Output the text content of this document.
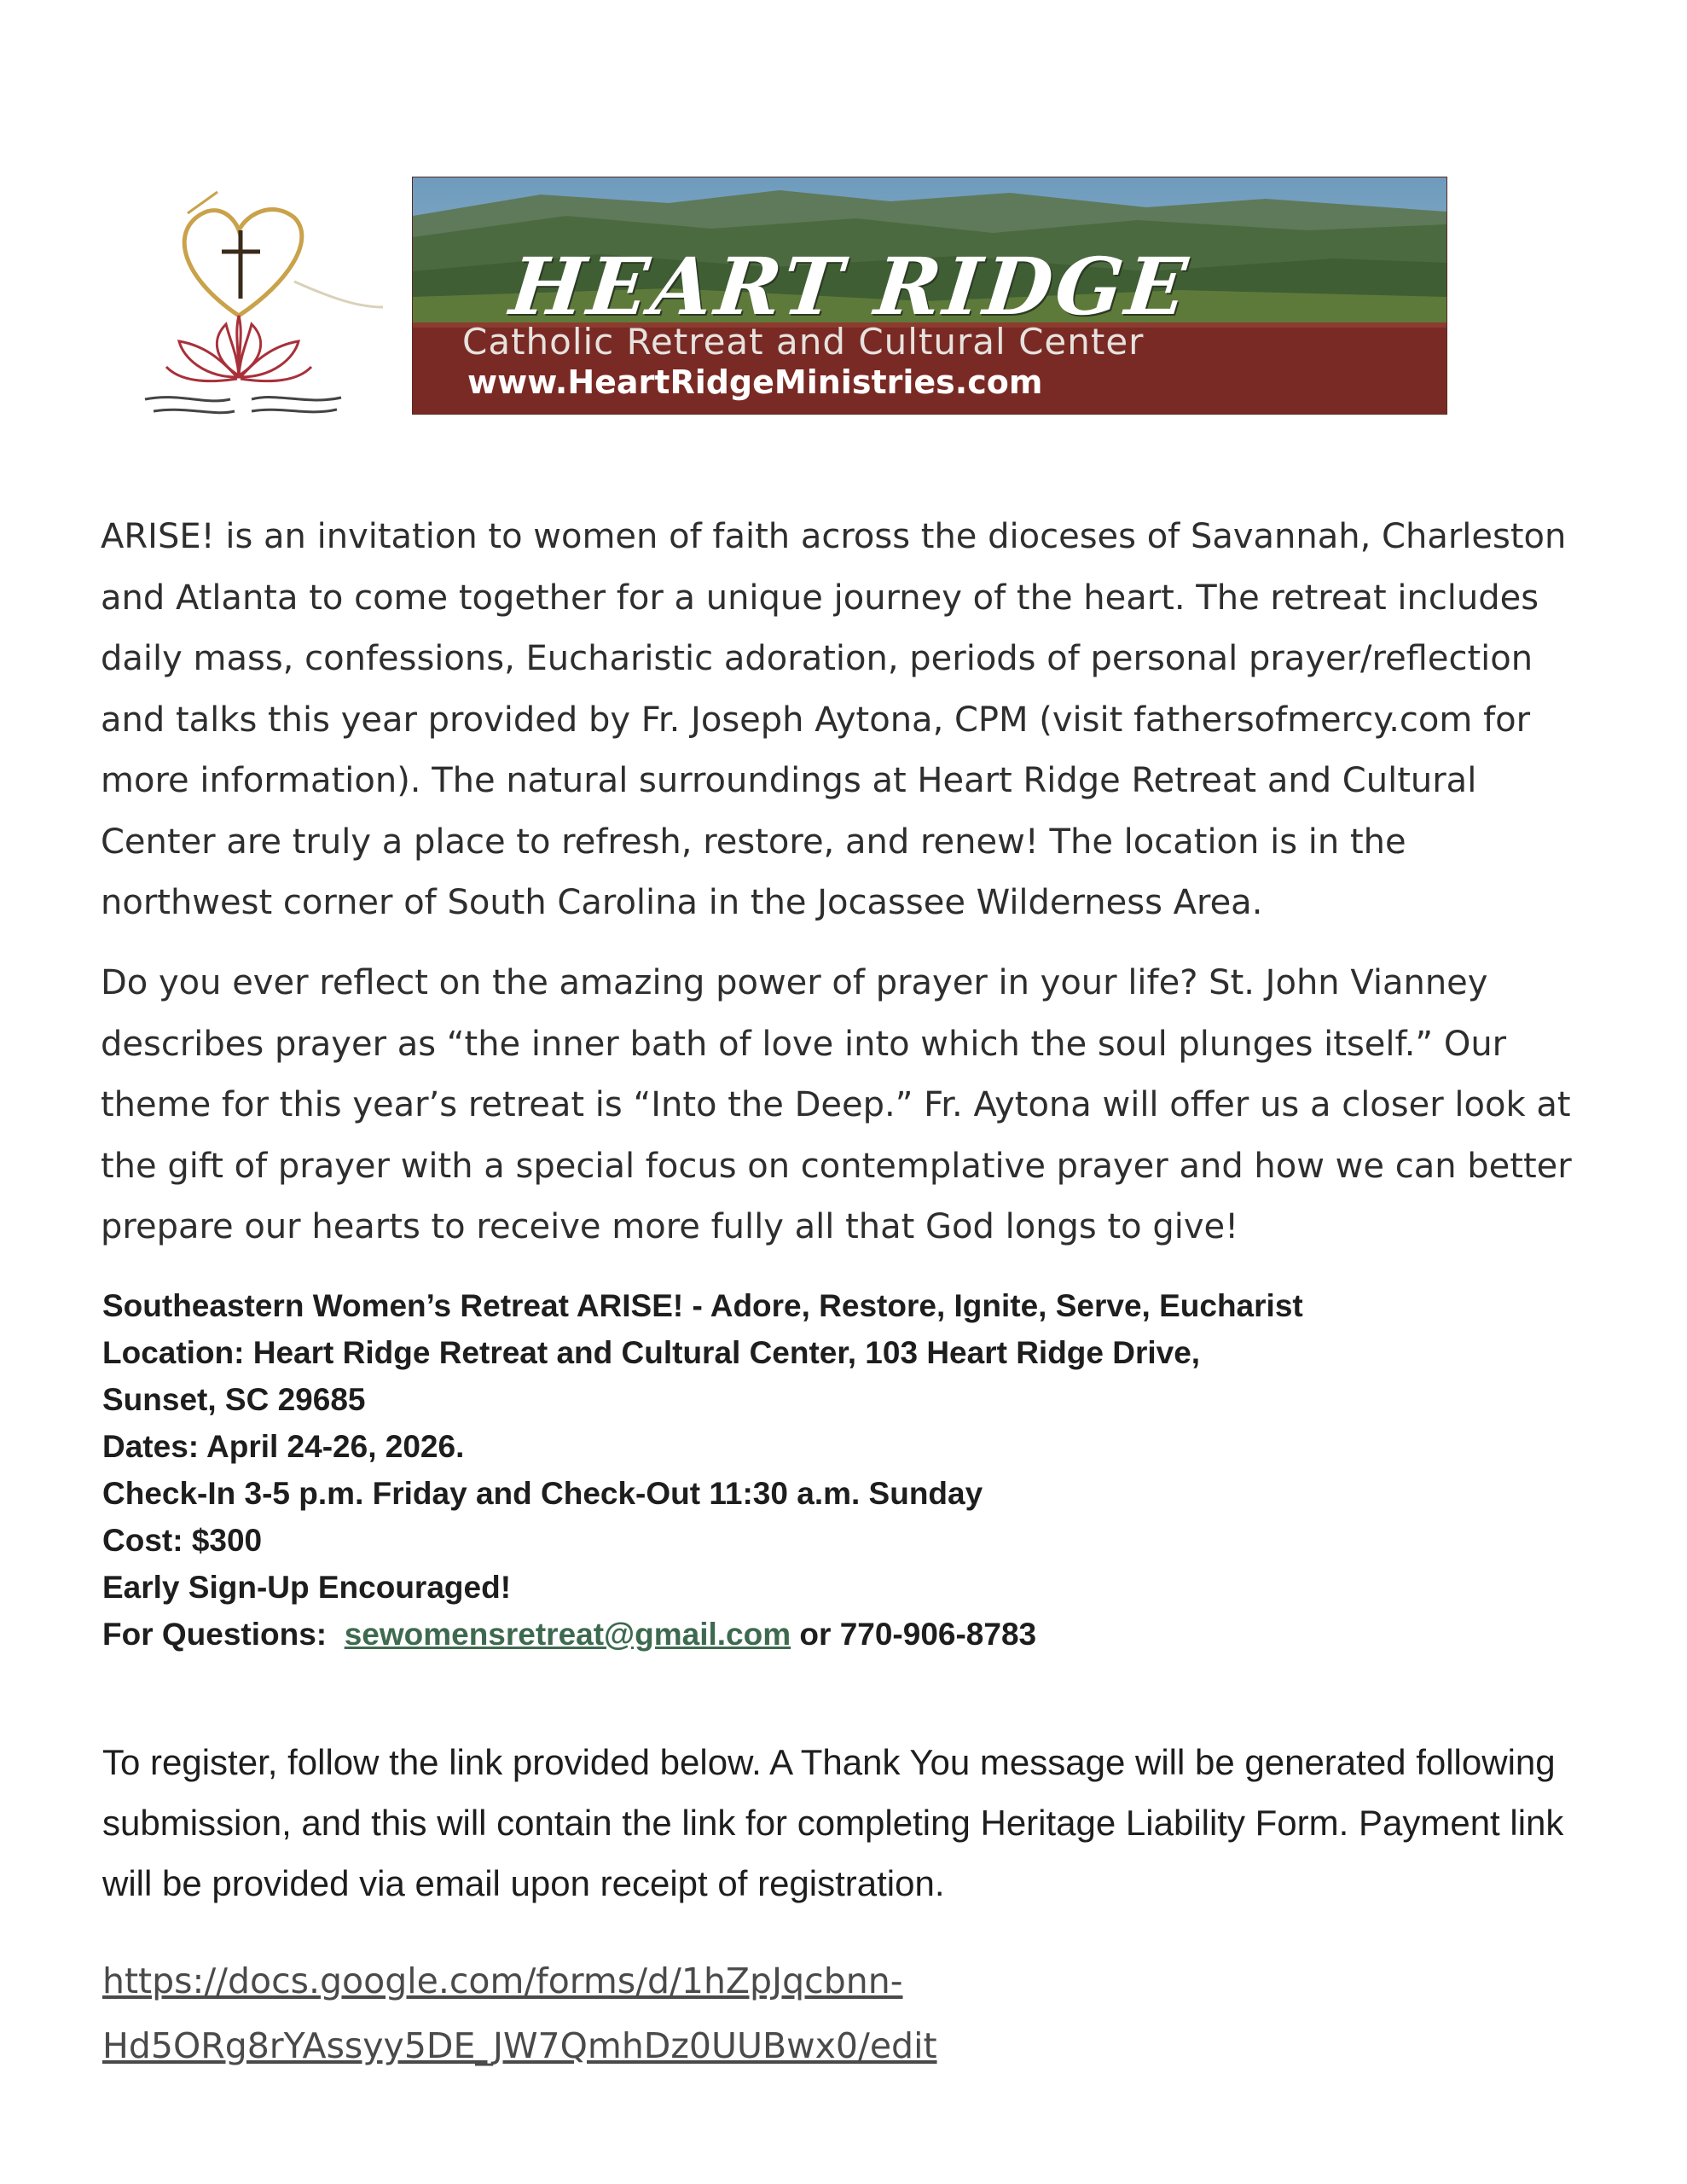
HEART RIDGE
Catholic Retreat and Cultural Center
www.HeartRidgeMinistries.com

ARISE! is an invitation to women of faith across the dioceses of Savannah, Charleston and Atlanta to come together for a unique journey of the heart. The retreat includes daily mass, confessions, Eucharistic adoration, periods of personal prayer/reflection and talks this year provided by Fr. Joseph Aytona, CPM (visit fathersofmercy.com for more information). The natural surroundings at Heart Ridge Retreat and Cultural Center are truly a place to refresh, restore, and renew! The location is in the northwest corner of South Carolina in the Jocassee Wilderness Area.

Do you ever reflect on the amazing power of prayer in your life? St. John Vianney describes prayer as “the inner bath of love into which the soul plunges itself.” Our theme for this year’s retreat is “Into the Deep.” Fr. Aytona will offer us a closer look at the gift of prayer with a special focus on contemplative prayer and how we can better prepare our hearts to receive more fully all that God longs to give!

Southeastern Women’s Retreat ARISE! - Adore, Restore, Ignite, Serve, Eucharist
Location: Heart Ridge Retreat and Cultural Center, 103 Heart Ridge Drive,
Sunset, SC 29685
Dates: April 24-26, 2026.
Check-In 3-5 p.m. Friday and Check-Out 11:30 a.m. Sunday
Cost: $300
Early Sign-Up Encouraged!
For Questions: sewomensretreat@gmail.com or 770-906-8783

To register, follow the link provided below. A Thank You message will be generated following submission, and this will contain the link for completing Heritage Liability Form. Payment link will be provided via email upon receipt of registration.

https://docs.google.com/forms/d/1hZpJqcbnn-
Hd5ORg8rYAssyy5DE_JW7QmhDz0UUBwx0/edit
